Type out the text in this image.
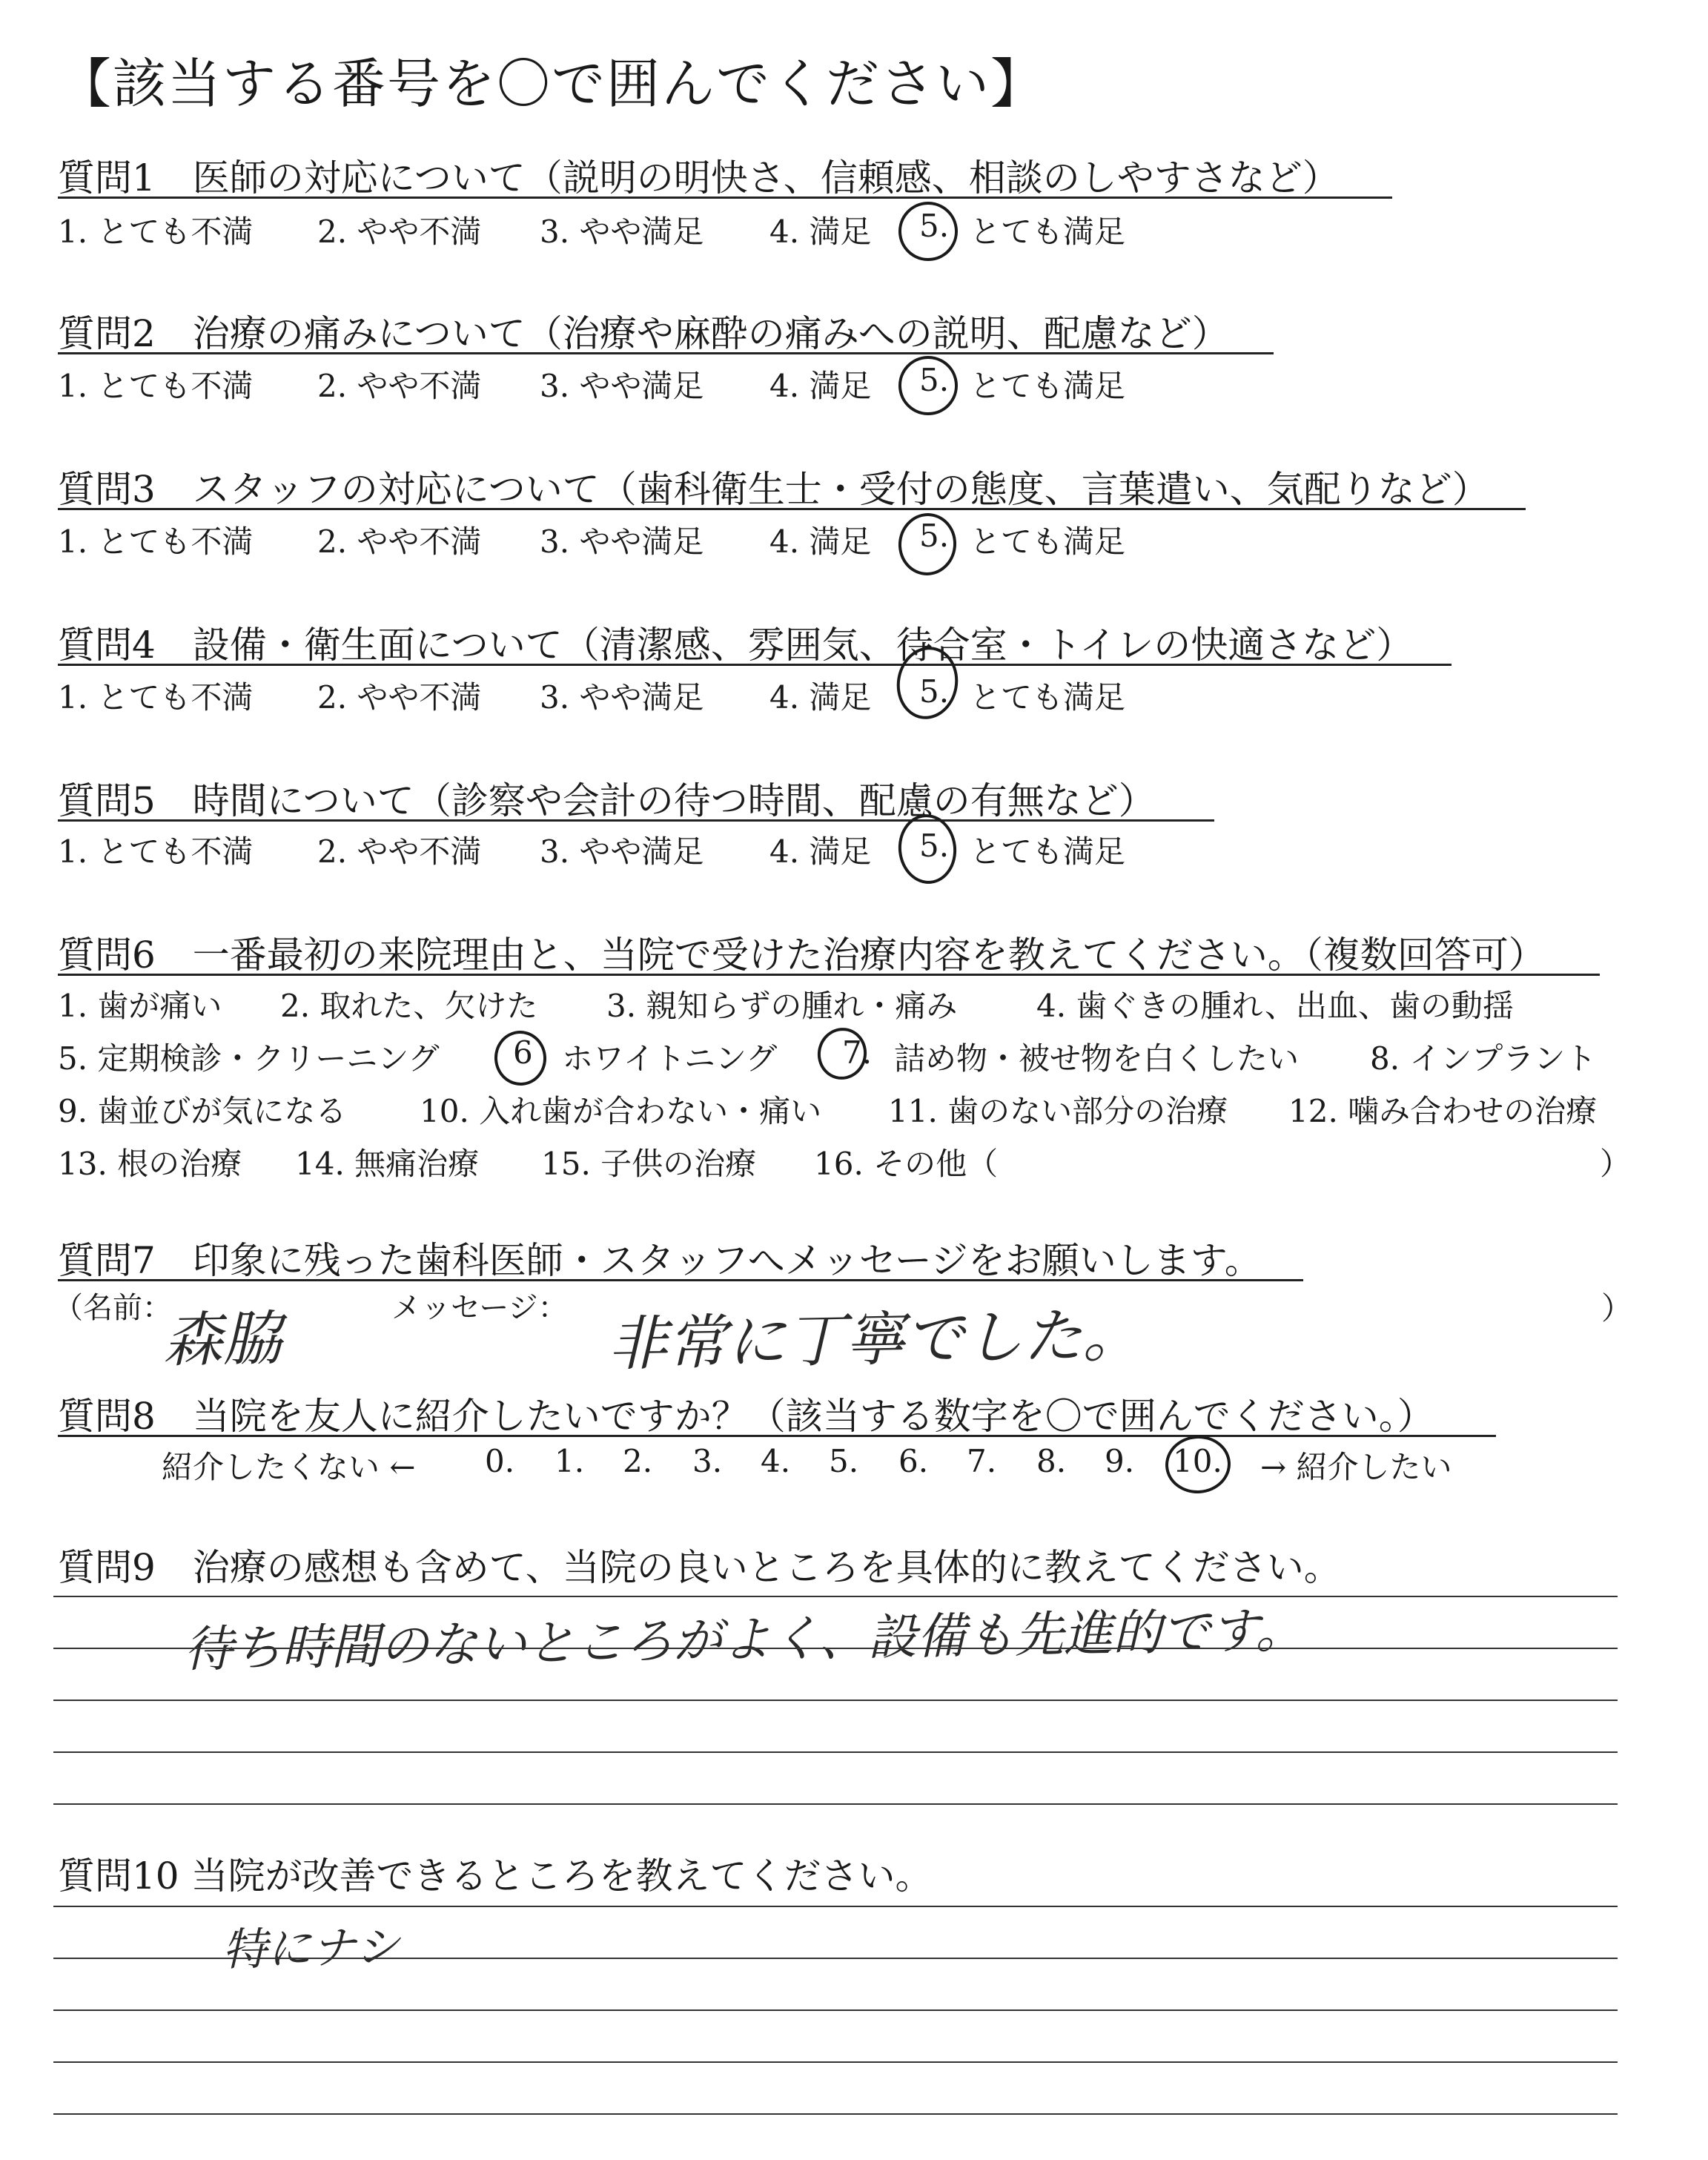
【該当する番号を〇で囲んでください】
質問1　医師の対応について（説明の明快さ、信頼感、相談のしやすさなど）
1. とても不満 2. やや不満 3. やや満足 4. 満足 5. とても満足
質問2　治療の痛みについて（治療や麻酔の痛みへの説明、配慮など）
1. とても不満 2. やや不満 3. やや満足 4. 満足 5. とても満足
質問3　スタッフの対応について（歯科衛生士・受付の態度、言葉遣い、気配りなど）
1. とても不満 2. やや不満 3. やや満足 4. 満足 5. とても満足
質問4　設備・衛生面について（清潔感、雰囲気、待合室・トイレの快適さなど）
1. とても不満 2. やや不満 3. やや満足 4. 満足 5. とても満足
質問5　時間について（診察や会計の待つ時間、配慮の有無など）
1. とても不満 2. やや不満 3. やや満足 4. 満足 5. とても満足
質問6　一番最初の来院理由と、当院で受けた治療内容を教えてください。（複数回答可）
1. 歯が痛い 2. 取れた、欠けた 3. 親知らずの腫れ・痛み	4. 歯ぐきの腫れ、出血、歯の動揺
5. 定期検診・クリーニング 6 ホワイトニング 7. 詰め物・被せ物を白くしたい 8. インプラント
9. 歯並びが気になる 10. 入れ歯が合わない・痛い 11. 歯のない部分の治療 12. 噛み合わせの治療
13. 根の治療 14. 無痛治療 15. 子供の治療 16. その他（	）
質問7　印象に残った歯科医師・スタッフへメッセージをお願いします。
（名前：
森脇	メッセージ： 非常に丁寧でした。	）
質問8　当院を友人に紹介したいですか？（該当する数字を〇で囲んでください。）
紹介したくない ← 0. 1. 2. 3. 4. 5. 6. 7. 8. 9. 10. → 紹介したい
質問9　治療の感想も含めて、当院の良いところを具体的に教えてください。
待ち時間のないところがよく、設備も先進的です。
質問10 当院が改善できるところを教えてください。
特にナシ
